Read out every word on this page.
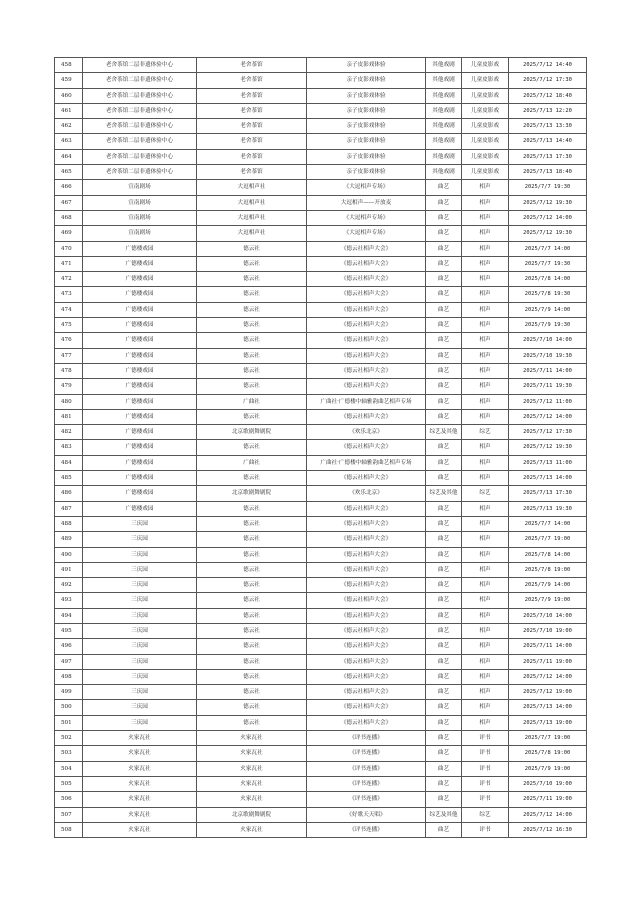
458	老舍茶馆二层非遗体验中心	老舍茶馆	亲子皮影戏体验	其他戏剧	儿童皮影戏	2025/7/12 14:40
459	老舍茶馆二层非遗体验中心	老舍茶馆	亲子皮影戏体验	其他戏剧	儿童皮影戏	2025/7/12 17:30
460	老舍茶馆二层非遗体验中心	老舍茶馆	亲子皮影戏体验	其他戏剧	儿童皮影戏	2025/7/12 18:40
461	老舍茶馆二层非遗体验中心	老舍茶馆	亲子皮影戏体验	其他戏剧	儿童皮影戏	2025/7/13 12:20
462	老舍茶馆二层非遗体验中心	老舍茶馆	亲子皮影戏体验	其他戏剧	儿童皮影戏	2025/7/13 13:30
463	老舍茶馆二层非遗体验中心	老舍茶馆	亲子皮影戏体验	其他戏剧	儿童皮影戏	2025/7/13 14:40
464	老舍茶馆二层非遗体验中心	老舍茶馆	亲子皮影戏体验	其他戏剧	儿童皮影戏	2025/7/13 17:30
465	老舍茶馆二层非遗体验中心	老舍茶馆	亲子皮影戏体验	其他戏剧	儿童皮影戏	2025/7/13 18:40
466	宣南剧场	大逗相声社	《大逗相声专场》	曲艺	相声	2025/7/7 19:30
467	宣南剧场	大逗相声社	大逗相声——开放麦	曲艺	相声	2025/7/12 19:30
468	宣南剧场	大逗相声社	《大逗相声专场》	曲艺	相声	2025/7/12 14:00
469	宣南剧场	大逗相声社	《大逗相声专场》	曲艺	相声	2025/7/12 19:30
470	广德楼戏园	德云社	《德云社相声大会》	曲艺	相声	2025/7/7 14:00
471	广德楼戏园	德云社	《德云社相声大会》	曲艺	相声	2025/7/7 19:30
472	广德楼戏园	德云社	《德云社相声大会》	曲艺	相声	2025/7/8 14:00
473	广德楼戏园	德云社	《德云社相声大会》	曲艺	相声	2025/7/8 19:30
474	广德楼戏园	德云社	《德云社相声大会》	曲艺	相声	2025/7/9 14:00
475	广德楼戏园	德云社	《德云社相声大会》	曲艺	相声	2025/7/9 19:30
476	广德楼戏园	德云社	《德云社相声大会》	曲艺	相声	2025/7/10 14:00
477	广德楼戏园	德云社	《德云社相声大会》	曲艺	相声	2025/7/10 19:30
478	广德楼戏园	德云社	《德云社相声大会》	曲艺	相声	2025/7/11 14:00
479	广德楼戏园	德云社	《德云社相声大会》	曲艺	相声	2025/7/11 19:30
480	广德楼戏园	广曲社	广曲社·广德楼中轴雅韵曲艺相声专场	曲艺	相声	2025/7/12 11:00
481	广德楼戏园	德云社	《德云社相声大会》	曲艺	相声	2025/7/12 14:00
482	广德楼戏园	北京歌剧舞剧院	《欢乐北京》	综艺及其他	综艺	2025/7/12 17:30
483	广德楼戏园	德云社	《德云社相声大会》	曲艺	相声	2025/7/12 19:30
484	广德楼戏园	广曲社	广曲社·广德楼中轴雅韵曲艺相声专场	曲艺	相声	2025/7/13 11:00
485	广德楼戏园	德云社	《德云社相声大会》	曲艺	相声	2025/7/13 14:00
486	广德楼戏园	北京歌剧舞剧院	《欢乐北京》	综艺及其他	综艺	2025/7/13 17:30
487	广德楼戏园	德云社	《德云社相声大会》	曲艺	相声	2025/7/13 19:30
488	三庆园	德云社	《德云社相声大会》	曲艺	相声	2025/7/7 14:00
489	三庆园	德云社	《德云社相声大会》	曲艺	相声	2025/7/7 19:00
490	三庆园	德云社	《德云社相声大会》	曲艺	相声	2025/7/8 14:00
491	三庆园	德云社	《德云社相声大会》	曲艺	相声	2025/7/8 19:00
492	三庆园	德云社	《德云社相声大会》	曲艺	相声	2025/7/9 14:00
493	三庆园	德云社	《德云社相声大会》	曲艺	相声	2025/7/9 19:00
494	三庆园	德云社	《德云社相声大会》	曲艺	相声	2025/7/10 14:00
495	三庆园	德云社	《德云社相声大会》	曲艺	相声	2025/7/10 19:00
496	三庆园	德云社	《德云社相声大会》	曲艺	相声	2025/7/11 14:00
497	三庆园	德云社	《德云社相声大会》	曲艺	相声	2025/7/11 19:00
498	三庆园	德云社	《德云社相声大会》	曲艺	相声	2025/7/12 14:00
499	三庆园	德云社	《德云社相声大会》	曲艺	相声	2025/7/12 19:00
500	三庆园	德云社	《德云社相声大会》	曲艺	相声	2025/7/13 14:00
501	三庆园	德云社	《德云社相声大会》	曲艺	相声	2025/7/13 19:00
502	火家瓦社	火家瓦社	《评书连播》	曲艺	评书	2025/7/7 19:00
503	火家瓦社	火家瓦社	《评书连播》	曲艺	评书	2025/7/8 19:00
504	火家瓦社	火家瓦社	《评书连播》	曲艺	评书	2025/7/9 19:00
505	火家瓦社	火家瓦社	《评书连播》	曲艺	评书	2025/7/10 19:00
506	火家瓦社	火家瓦社	《评书连播》	曲艺	评书	2025/7/11 19:00
507	火家瓦社	北京歌剧舞剧院	《好歌天天唱》	综艺及其他	综艺	2025/7/12 14:00
508	火家瓦社	火家瓦社	《评书连播》	曲艺	评书	2025/7/12 16:30
